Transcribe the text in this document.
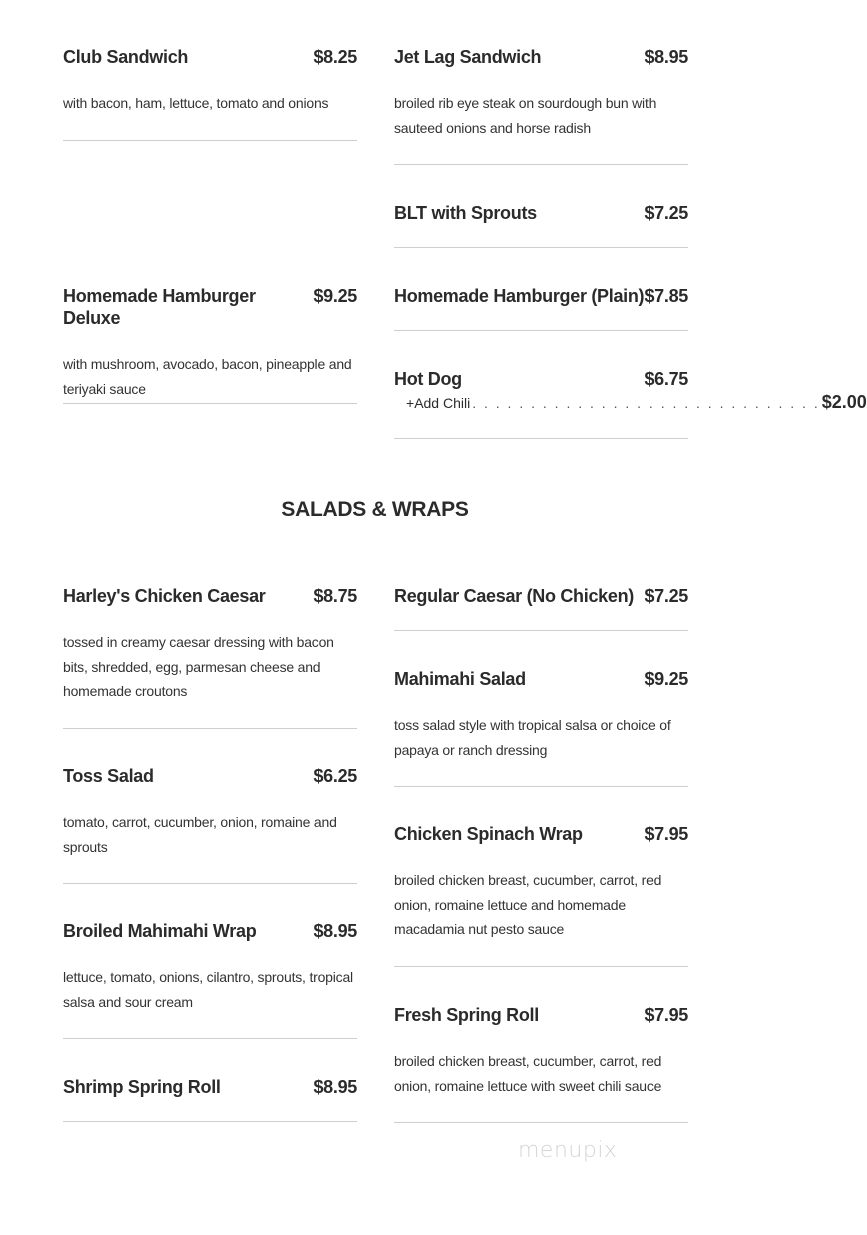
Club Sandwich	$8.25
with bacon, ham, lettuce, tomato and onions
Homemade Hamburger Deluxe
$9.25
with mushroom, avocado, bacon, pineapple and teriyaki sauce
Jet Lag Sandwich	$8.95
broiled rib eye steak on sourdough bun with sauteed onions and horse radish
BLT with Sprouts	$7.25
Homemade Hamburger (Plain) $7.85
Hot Dog	$6.75
+ Add Chili . . . . . . . . . . . . . . . . . . . . . . . . . . . . . . $2.00
SALADS & WRAPS
Harley's Chicken Caesar	$8.75
tossed in creamy caesar dressing with bacon bits, shredded, egg, parmesan cheese and homemade croutons
Toss Salad	$6.25
tomato, carrot, cucumber, onion, romaine and sprouts
Broiled Mahimahi Wrap	$8.95
lettuce, tomato, onions, cilantro, sprouts, tropical salsa and sour cream
Shrimp Spring Roll	$8.95
Regular Caesar (No Chicken) $7.25
Mahimahi Salad	$9.25
toss salad style with tropical salsa or choice of papaya or ranch dressing
Chicken Spinach Wrap	$7.95
broiled chicken breast, cucumber, carrot, red onion, romaine lettuce and homemade macadamia nut pesto sauce
Fresh Spring Roll	$7.95
broiled chicken breast, cucumber, carrot, red onion, romaine lettuce with sweet chili sauce
menupix
